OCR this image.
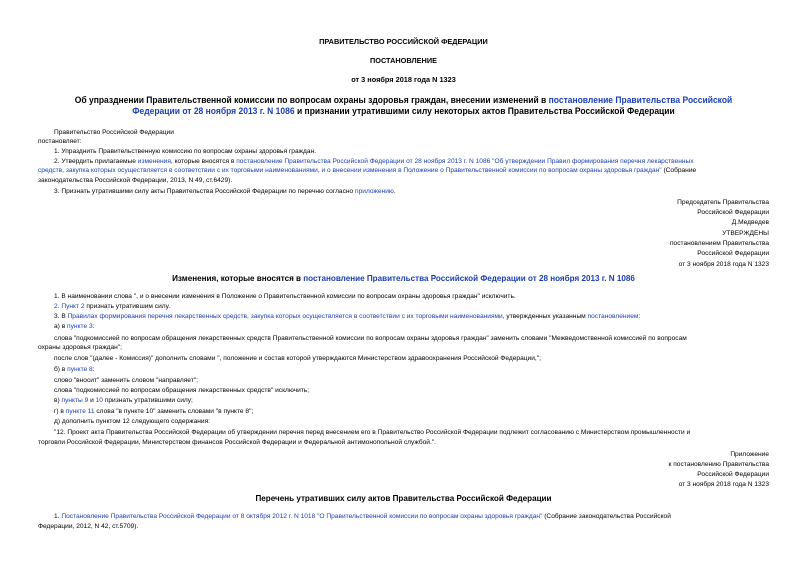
ПРАВИТЕЛЬСТВО РОССИЙСКОЙ ФЕДЕРАЦИИ
ПОСТАНОВЛЕНИЕ
от 3 ноября 2018 года N 1323
Об упразднении Правительственной комиссии по вопросам охраны здоровья граждан, внесении изменений в постановление Правительства Российской
Федерации от 28 ноября 2013 г. N 1086 и признании утратившими силу некоторых актов Правительства Российской Федерации
Правительство Российской Федерации
постановляет:
1. Упразднить Правительственную комиссию по вопросам охраны здоровья граждан.
2. Утвердить прилагаемые изменения, которые вносятся в постановление Правительства Российской Федерации от 28 ноября 2013 г. N 1086 "Об утверждении Правил формирования перечня лекарственных
средств, закупка которых осуществляется в соответствии с их торговыми наименованиями, и о внесении изменения в Положение о Правительственной комиссии по вопросам охраны здоровья граждан" (Собрание
законодательства Российской Федерации, 2013, N 49, ст.6429).
3. Признать утратившими силу акты Правительства Российской Федерации по перечню согласно приложению.
Председатель Правительства
Российской Федерации
Д.Медведев
УТВЕРЖДЕНЫ
постановлением Правительства
Российской Федерации
от 3 ноября 2018 года N 1323
Изменения, которые вносятся в постановление Правительства Российской Федерации от 28 ноября 2013 г. N 1086
1. В наименовании слова ", и о внесении изменения в Положение о Правительственной комиссии по вопросам охраны здоровья граждан" исключить.
2. Пункт 2 признать утратившим силу.
3. В Правилах формирования перечня лекарственных средств, закупка которых осуществляется в соответствии с их торговыми наименованиями, утвержденных указанным постановлением:
а) в пункте 3:
слова "подкомиссией по вопросам обращения лекарственных средств Правительственной комиссии по вопросам охраны здоровья граждан" заменить словами "Межведомственной комиссией по вопросам
охраны здоровья граждан";
после слов "(далее - Комиссия)" дополнить словами ", положение и состав которой утверждаются Министерством здравоохранения Российской Федерации,";
б) в пункте 8:
слово "вносит" заменить словом "направляет";
слова "подкомиссией по вопросам обращения лекарственных средств" исключить;
в) пункты 9 и 10 признать утратившими силу;
г) в пункте 11 слова "в пункте 10" заменить словами "в пункте 8";
д) дополнить пунктом 12 следующего содержания:
"12. Проект акта Правительства Российской Федерации об утверждении перечня перед внесением его в Правительство Российской Федерации подлежит согласованию с Министерством промышленности и
торговли Российской Федерации, Министерством финансов Российской Федерации и Федеральной антимонопольной службой.".
Приложение
к постановлению Правительства
Российской Федерации
от 3 ноября 2018 года N 1323
Перечень утративших силу актов Правительства Российской Федерации
1. Постановление Правительства Российской Федерации от 8 октября 2012 г. N 1018 "О Правительственной комиссии по вопросам охраны здоровья граждан" (Собрание законодательства Российской
Федерации, 2012, N 42, ст.5709).
